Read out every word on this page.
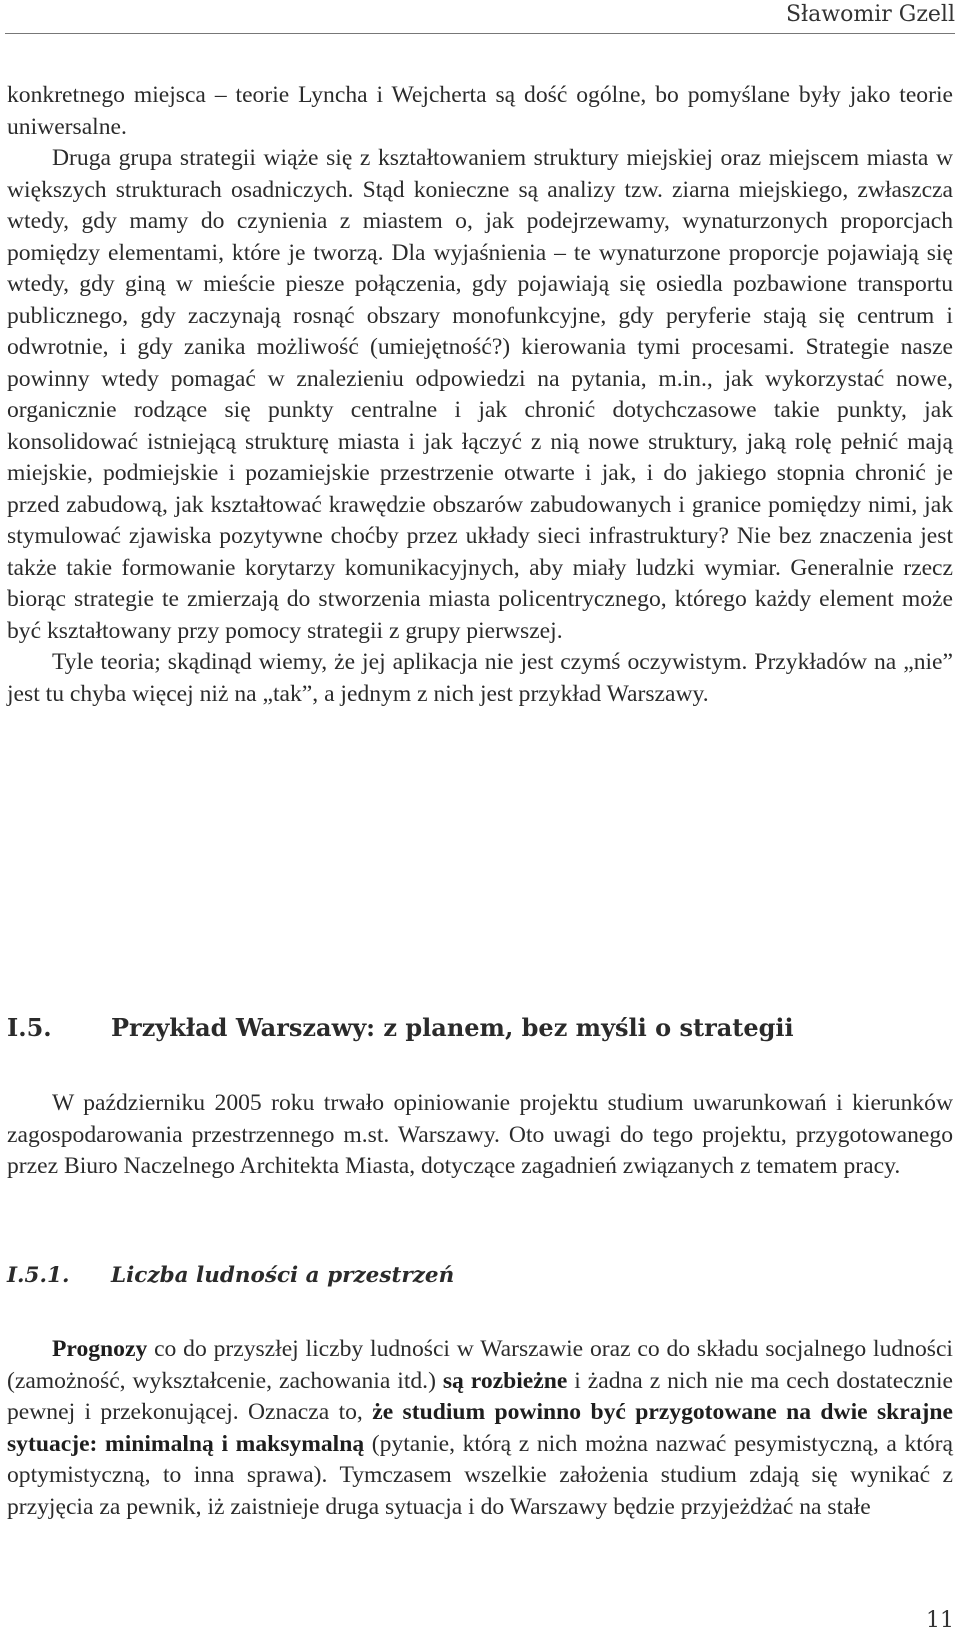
Sławomir Gzell

konkretnego miejsca – teorie Lyncha i Wejcherta są dość ogólne, bo pomyślane były jako teorie uniwersalne.

Druga grupa strategii wiąże się z kształtowaniem struktury miejskiej oraz miejscem miasta w większych strukturach osadniczych. Stąd konieczne są analizy tzw. ziarna miejskiego, zwłaszcza wtedy, gdy mamy do czynienia z miastem o, jak podejrzewamy, wynaturzonych proporcjach pomiędzy elementami, które je tworzą. Dla wyjaśnienia – te wynaturzone proporcje pojawiają się wtedy, gdy giną w mieście piesze połączenia, gdy pojawiają się osiedla pozbawione transportu publicznego, gdy zaczynają rosnąć obszary monofunkcyjne, gdy peryferie stają się centrum i odwrotnie, i gdy zanika możliwość (umiejętność?) kierowania tymi procesami. Strategie nasze powinny wtedy pomagać w znalezieniu odpowiedzi na pytania, m.in., jak wykorzystać nowe, organicznie rodzące się punkty centralne i jak chronić dotychczasowe takie punkty, jak konsolidować istniejącą strukturę miasta i jak łączyć z nią nowe struktury, jaką rolę pełnić mają miejskie, podmiejskie i pozamiejskie przestrzenie otwarte i jak, i do jakiego stopnia chronić je przed zabudową, jak kształtować krawędzie obszarów zabudowanych i granice pomiędzy nimi, jak stymulować zjawiska pozytywne choćby przez układy sieci infrastruktury? Nie bez znaczenia jest także takie formowanie korytarzy komunikacyjnych, aby miały ludzki wymiar. Generalnie rzecz biorąc strategie te zmierzają do stworzenia miasta policentrycznego, którego każdy element może być kształtowany przy pomocy strategii z grupy pierwszej.

Tyle teoria; skądinąd wiemy, że jej aplikacja nie jest czymś oczywistym. Przykładów na „nie” jest tu chyba więcej niż na „tak”, a jednym z nich jest przykład Warszawy.

I.5. Przykład Warszawy: z planem, bez myśli o strategii

W październiku 2005 roku trwało opiniowanie projektu studium uwarunkowań i kierunków zagospodarowania przestrzennego m.st. Warszawy. Oto uwagi do tego projektu, przygotowanego przez Biuro Naczelnego Architekta Miasta, dotyczące zagadnień związanych z tematem pracy.

I.5.1. Liczba ludności a przestrzeń

Prognozy co do przyszłej liczby ludności w Warszawie oraz co do składu socjalnego ludności (zamożność, wykształcenie, zachowania itd.) są rozbieżne i żadna z nich nie ma cech dostatecznie pewnej i przekonującej. Oznacza to, że studium powinno być przygotowane na dwie skrajne sytuacje: minimalną i maksymalną (pytanie, którą z nich można nazwać pesymistyczną, a którą optymistyczną, to inna sprawa). Tymczasem wszelkie założenia studium zdają się wynikać z przyjęcia za pewnik, iż zaistnieje druga sytuacja i do Warszawy będzie przyjeżdżać na stałe

11
